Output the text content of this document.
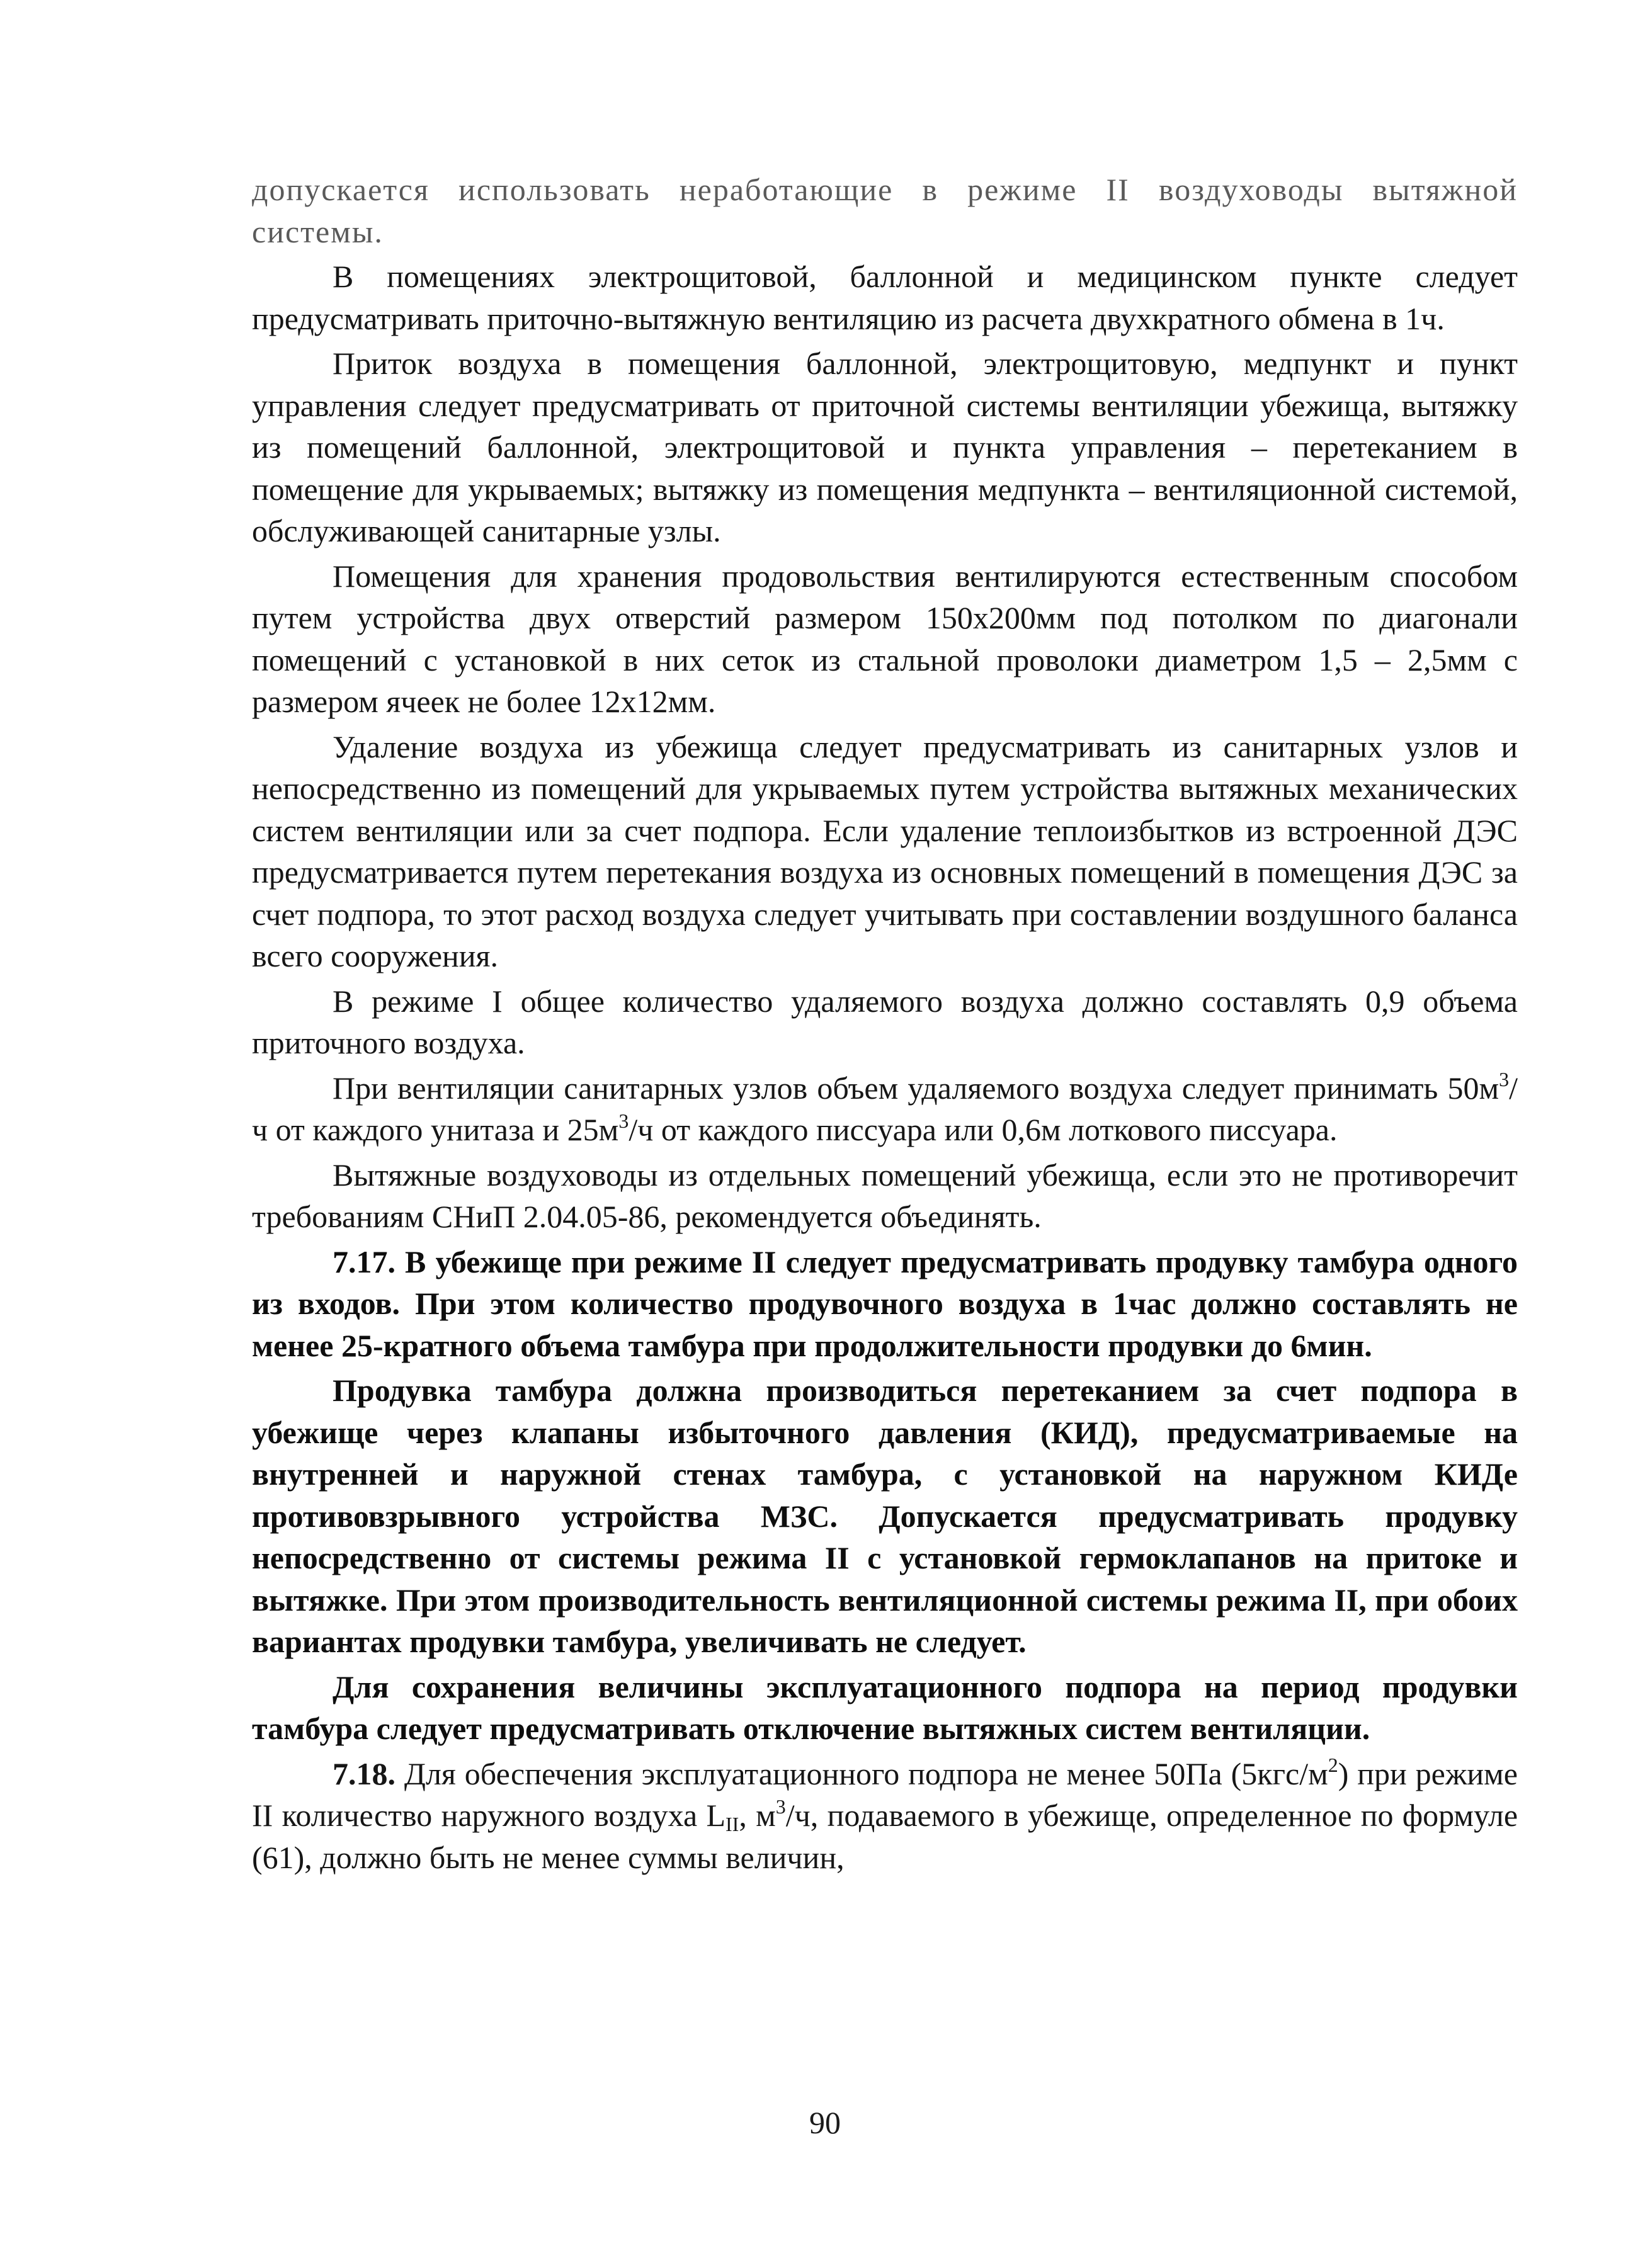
допускается использовать неработающие в режиме II воздуховоды вытяжной системы.

В помещениях электрощитовой, баллонной и медицинском пункте следует предусматривать приточно-вытяжную вентиляцию из расчета двухкратного обмена в 1ч.

Приток воздуха в помещения баллонной, электрощитовую, медпункт и пункт управления следует предусматривать от приточной системы вентиляции убежища, вытяжку из помещений баллонной, электрощитовой и пункта управления – перетеканием в помещение для укрываемых; вытяжку из помещения медпункта – вентиляционной системой, обслуживающей санитарные узлы.

Помещения для хранения продовольствия вентилируются естественным способом путем устройства двух отверстий размером 150х200мм под потолком по диагонали помещений с установкой в них сеток из стальной проволоки диаметром 1,5 – 2,5мм с размером ячеек не более 12х12мм.

Удаление воздуха из убежища следует предусматривать из санитарных узлов и непосредственно из помещений для укрываемых путем устройства вытяжных механических систем вентиляции или за счет подпора. Если удаление теплоизбытков из встроенной ДЭС предусматривается путем перетекания воздуха из основных помещений в помещения ДЭС за счет подпора, то этот расход воздуха следует учитывать при составлении воздушного баланса всего сооружения.

В режиме I общее количество удаляемого воздуха должно составлять 0,9 объема приточного воздуха.

При вентиляции санитарных узлов объем удаляемого воздуха следует принимать $50м^3/ч$ от каждого унитаза и $25м^3/ч$ от каждого писсуара или 0,6м лоткового писсуара.

Вытяжные воздуховоды из отдельных помещений убежища, если это не противоречит требованиям СНиП 2.04.05-86, рекомендуется объединять.

7.17. В убежище при режиме II следует предусматривать продувку тамбура одного из входов. При этом количество продувочного воздуха в 1час должно составлять не менее 25-кратного объема тамбура при продолжительности продувки до 6мин.

Продувка тамбура должна производиться перетеканием за счет подпора в убежище через клапаны избыточного давления (КИД), предусматриваемые на внутренней и наружной стенах тамбура, с установкой на наружном КИДе противовзрывного устройства МЗС. Допускается предусматривать продувку непосредственно от системы режима II с установкой гермоклапанов на притоке и вытяжке. При этом производительность вентиляционной системы режима II, при обоих вариантах продувки тамбура, увеличивать не следует.

Для сохранения величины эксплуатационного подпора на период продувки тамбура следует предусматривать отключение вытяжных систем вентиляции.

7.18. Для обеспечения эксплуатационного подпора не менее 50Па $(5кгс/м^2)$ при режиме II количество наружного воздуха $L_{II}$, $м^3/ч$, подаваемого в убежище, определенное по формуле (61), должно быть не менее суммы величин,

90
